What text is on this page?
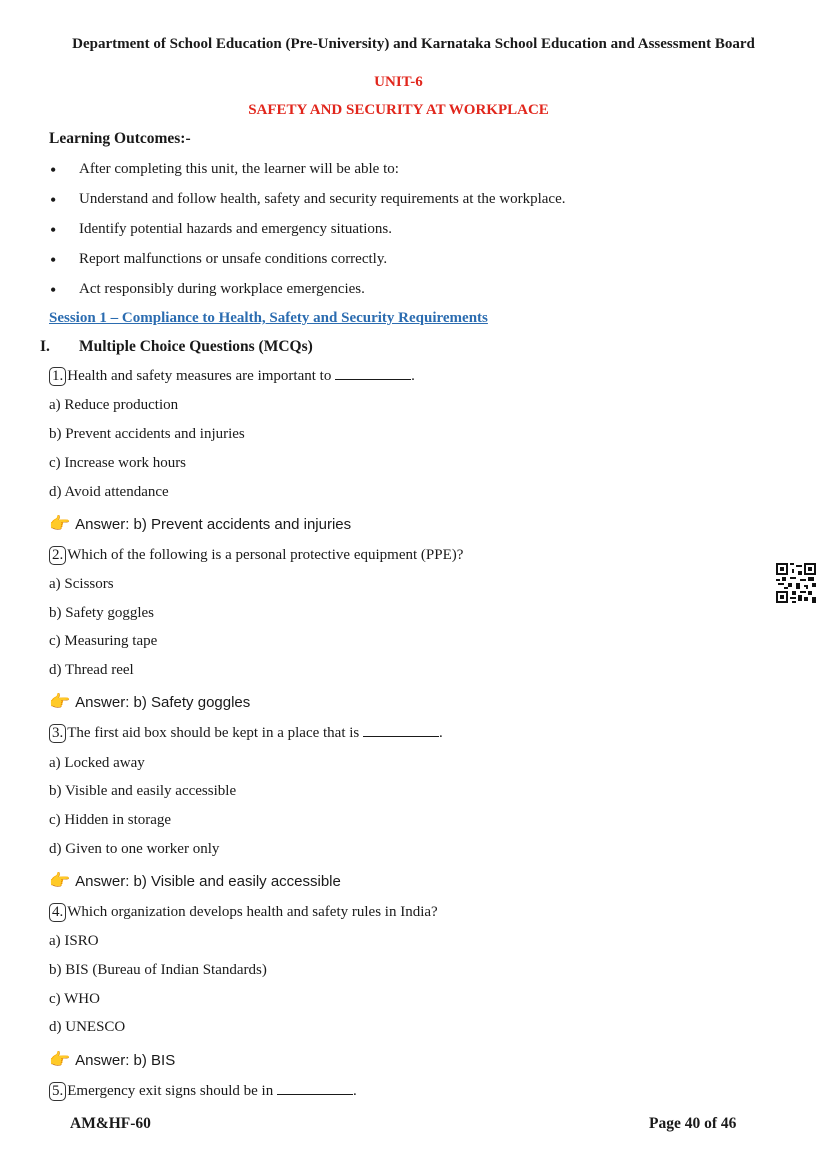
Department of School Education (Pre-University) and Karnataka School Education and Assessment Board
UNIT-6
SAFETY AND SECURITY AT WORKPLACE
Learning Outcomes:-
• After completing this unit, the learner will be able to:
• Understand and follow health, safety and security requirements at the workplace.
• Identify potential hazards and emergency situations.
• Report malfunctions or unsafe conditions correctly.
• Act responsibly during workplace emergencies.
Session 1 – Compliance to Health, Safety and Security Requirements
I. Multiple Choice Questions (MCQs)
1. Health and safety measures are important to	.
a) Reduce production
b) Prevent accidents and injuries
c) Increase work hours
d) Avoid attendance
👉 Answer: b) Prevent accidents and injuries
2. Which of the following is a personal protective equipment (PPE)?
a) Scissors
b) Safety goggles
c) Measuring tape
d) Thread reel
👉 Answer: b) Safety goggles
3. The first aid box should be kept in a place that is	.
a) Locked away
b) Visible and easily accessible
c) Hidden in storage
d) Given to one worker only
👉 Answer: b) Visible and easily accessible
4. Which organization develops health and safety rules in India?
a) ISRO
b) BIS (Bureau of Indian Standards)
c) WHO
d) UNESCO
👉 Answer: b) BIS
5. Emergency exit signs should be in	.
AM&HF-60	Page 40 of 46
